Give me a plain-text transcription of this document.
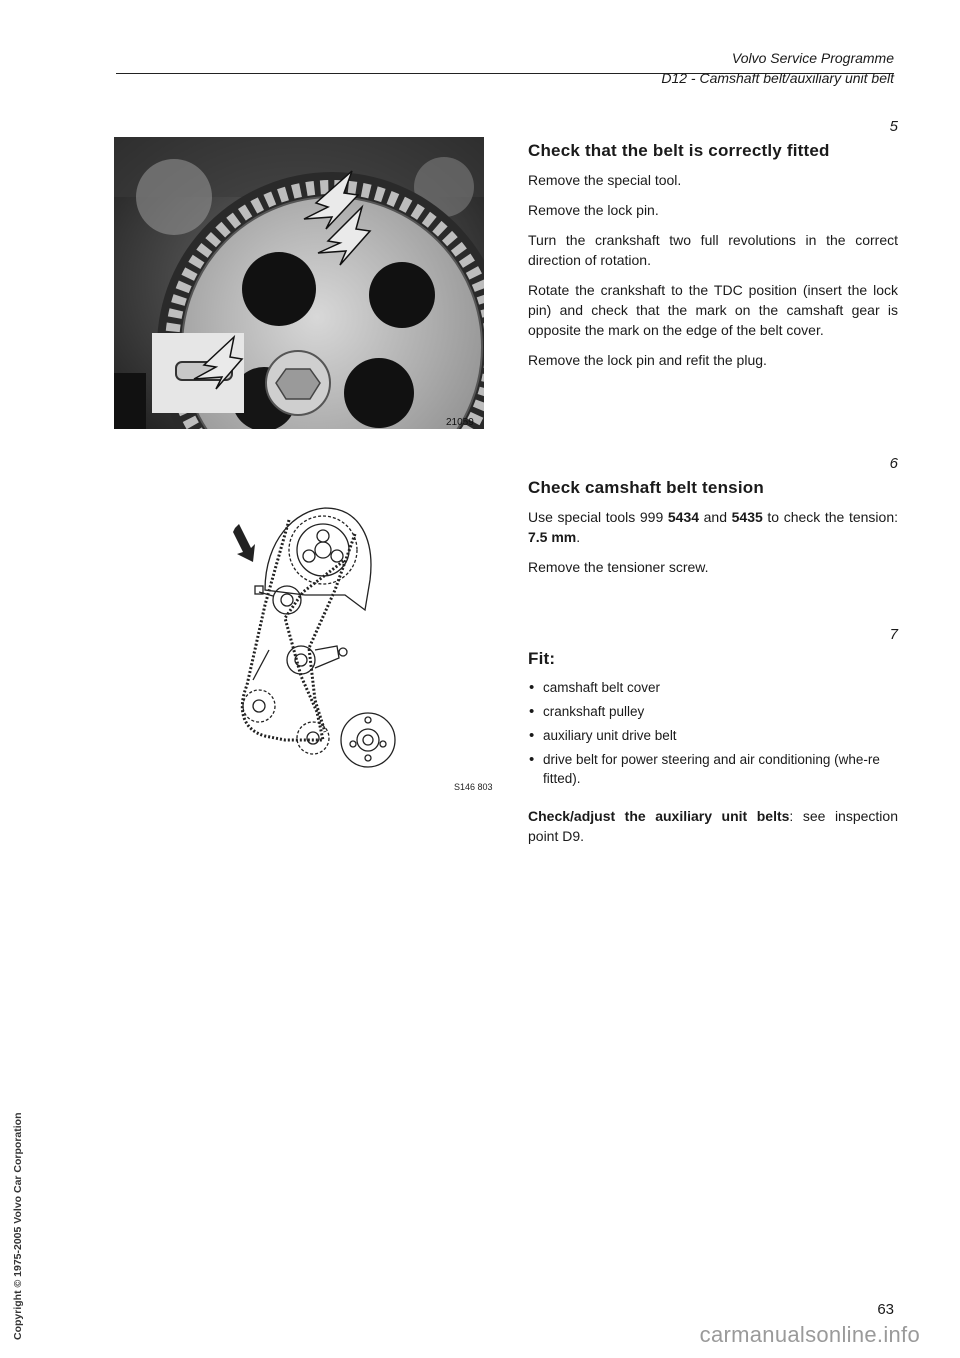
Volvo Service Programme
D12 - Camshaft belt/auxiliary unit belt
21059
S146 803
5
Check that the belt is correctly fitted

Remove the special tool.

Remove the lock pin.

Turn the crankshaft two full revolutions in the correct direction of rotation.

Rotate the crankshaft to the TDC position (insert the lock pin) and check that the mark on the camshaft gear is opposite the mark on the edge of the belt cover.

Remove the lock pin and refit the plug.

6
Check camshaft belt tension

Use special tools 999 5434 and 5435 to check the tension: 7.5 mm.

Remove the tensioner screw.

7
Fit:
• camshaft belt cover
• crankshaft pulley
• auxiliary unit drive belt
• drive belt for power steering and air conditioning (whe-re fitted).

Check/adjust the auxiliary unit belts: see inspection point D9.

Copyright © 1975-2005 Volvo Car Corporation	63
carmanualsonline.info
